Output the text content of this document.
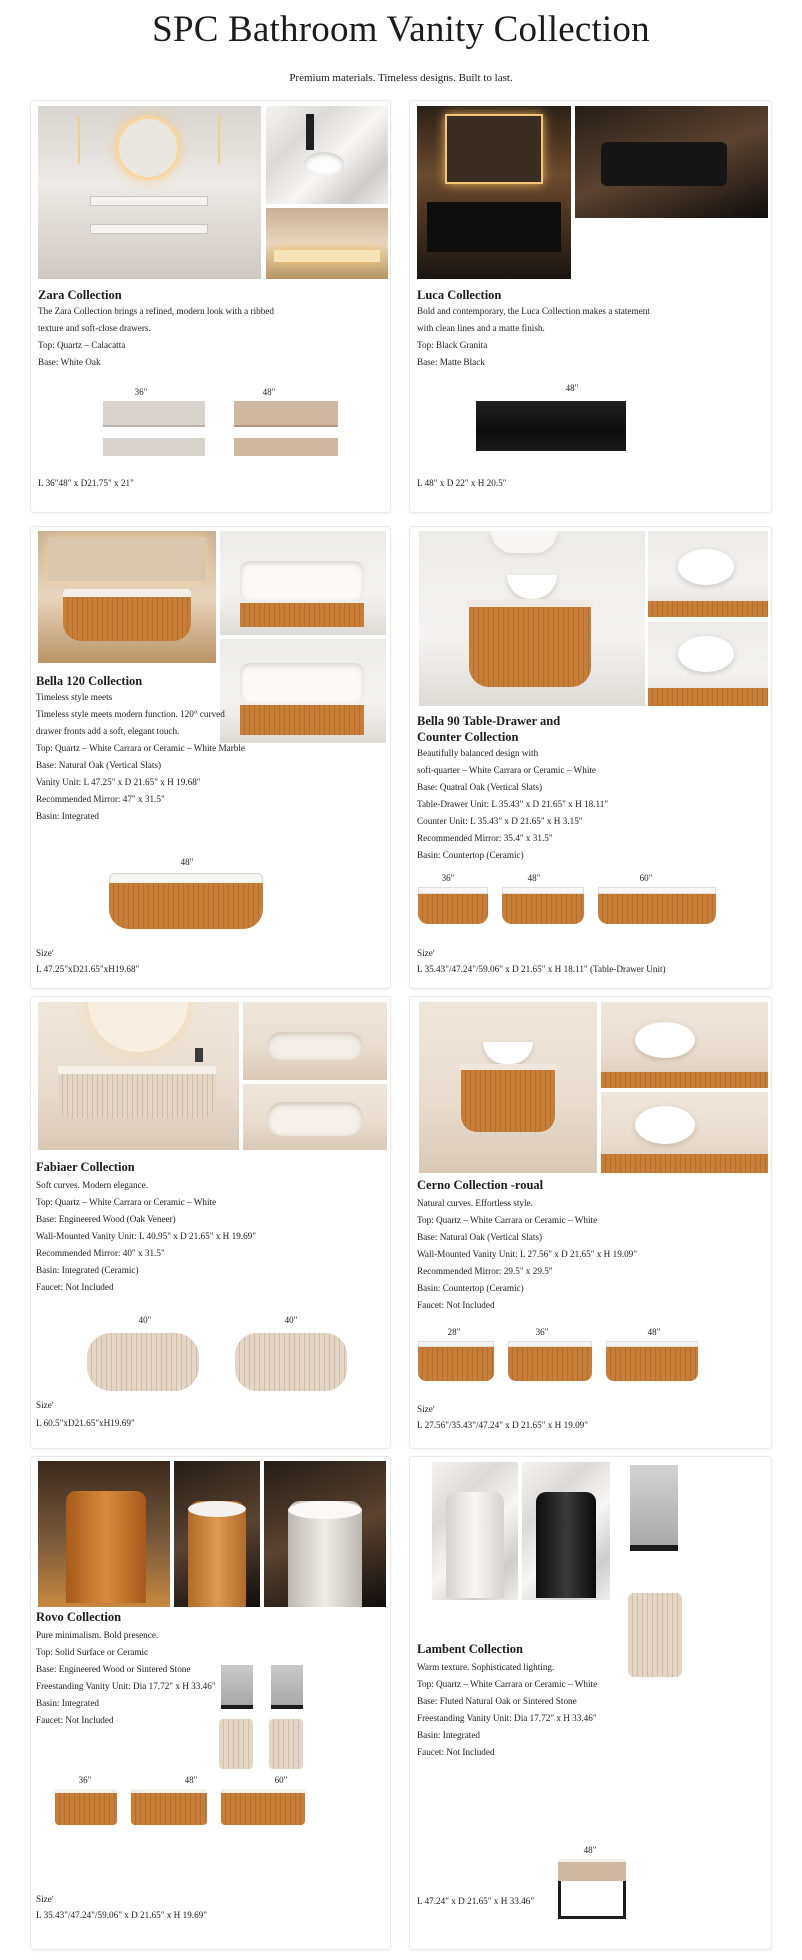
SPC Bathroom Vanity Collection
Premium materials. Timeless designs. Built to last.
Zara Collection
The Zara Collection brings a refined, modern look with a ribbed
texture and soft-close drawers.
Top: Quartz – Calacatta
Base: White Oak
36"	48"
L 36"48" x D21.75" x 21"
Luca Collection
Bold and contemporary, the Luca Collection makes a statement
with clean lines and a matte finish.
Top: Black Granita
Base: Matte Black
48"
L 48" x D 22" x H 20.5"
Bella 120 Collection
Timeless style meets
Timeless style meets modern function. 120° curved
drawer fronts add a soft, elegant touch.
Top: Quartz – White Carrara or Ceramic – White Marble
Base: Natural Oak (Vertical Slats)
Vanity Unit: L 47.25" x D 21.65" x H 19.68"
Recommended Mirror: 47" x 31.5"
Basin: Integrated
48"
Sizeʹ
L 47.25"xD21.65"xH19.68"
Bella 90 Table-Drawer and
Counter Collection
Beautifully balanced design with
soft-quarter – White Carrara or Ceramic – White
Base: Quatral Oak (Vertical Slats)
Table-Drawer Unit: L 35.43" x D 21.65" x H 18.11"
Counter Unit: L 35.43" x D 21.65" x H 3.15"
Recommended Mirror: 35.4" x 31.5"
Basin: Countertop (Ceramic)
36"	48"	60"
Sizeʹ
L 35.43"/47.24"/59.06" x D 21.65" x H 18.11" (Table-Drawer Unit)
Fabiaer Collection
Soft curves. Modern elegance.
Top: Quartz – White Carrara or Ceramic – White
Base: Engineered Wood (Oak Veneer)
Wall-Mounted Vanity Unit: L 40.95" x D 21.65" x H 19.69"
Recommended Mirror: 40" x 31.5"
Basin: Integrated (Ceramic)
Faucet: Not Included
40"	40"
Sizeʹ
L 60.5"xD21.65"xH19.69"
Cerno Collection -roual
Natural curves. Effortless style.
Top: Quartz – White Carrara or Ceramic – White
Base: Natural Oak (Vertical Slats)
Wall-Mounted Vanity Unit: L 27.56" x D 21.65" x H 19.09"
Recommended Mirror: 29.5" x 29.5"
Basin: Countertop (Ceramic)
Faucet: Not Included
28"	36"	48"
Sizeʹ
L 27.56"/35.43"/47.24" x D 21.65" x H 19.09"
Rovo Collection
Pure minimalism. Bold presence.
Top: Solid Surface or Ceramic
Base: Engineered Wood or Sintered Stone
Freestanding Vanity Unit: Dia 17.72" x H 33.46"
Basin: Integrated
Faucet: Not Included
36"	48"	60"
Sizeʹ
L 35.43"/47.24"/59.06" x D 21.65" x H 19.69"
Lambent Collection
Warm texture. Sophisticated lighting.
Top: Quartz – White Carrara or Ceramic – White
Base: Fluted Natural Oak or Sintered Stone
Freestanding Vanity Unit: Dia 17.72" x H 33.46"
Basin: Integrated
Faucet: Not Included
48"
L 47.24" x D 21.65" x H 33.46"
